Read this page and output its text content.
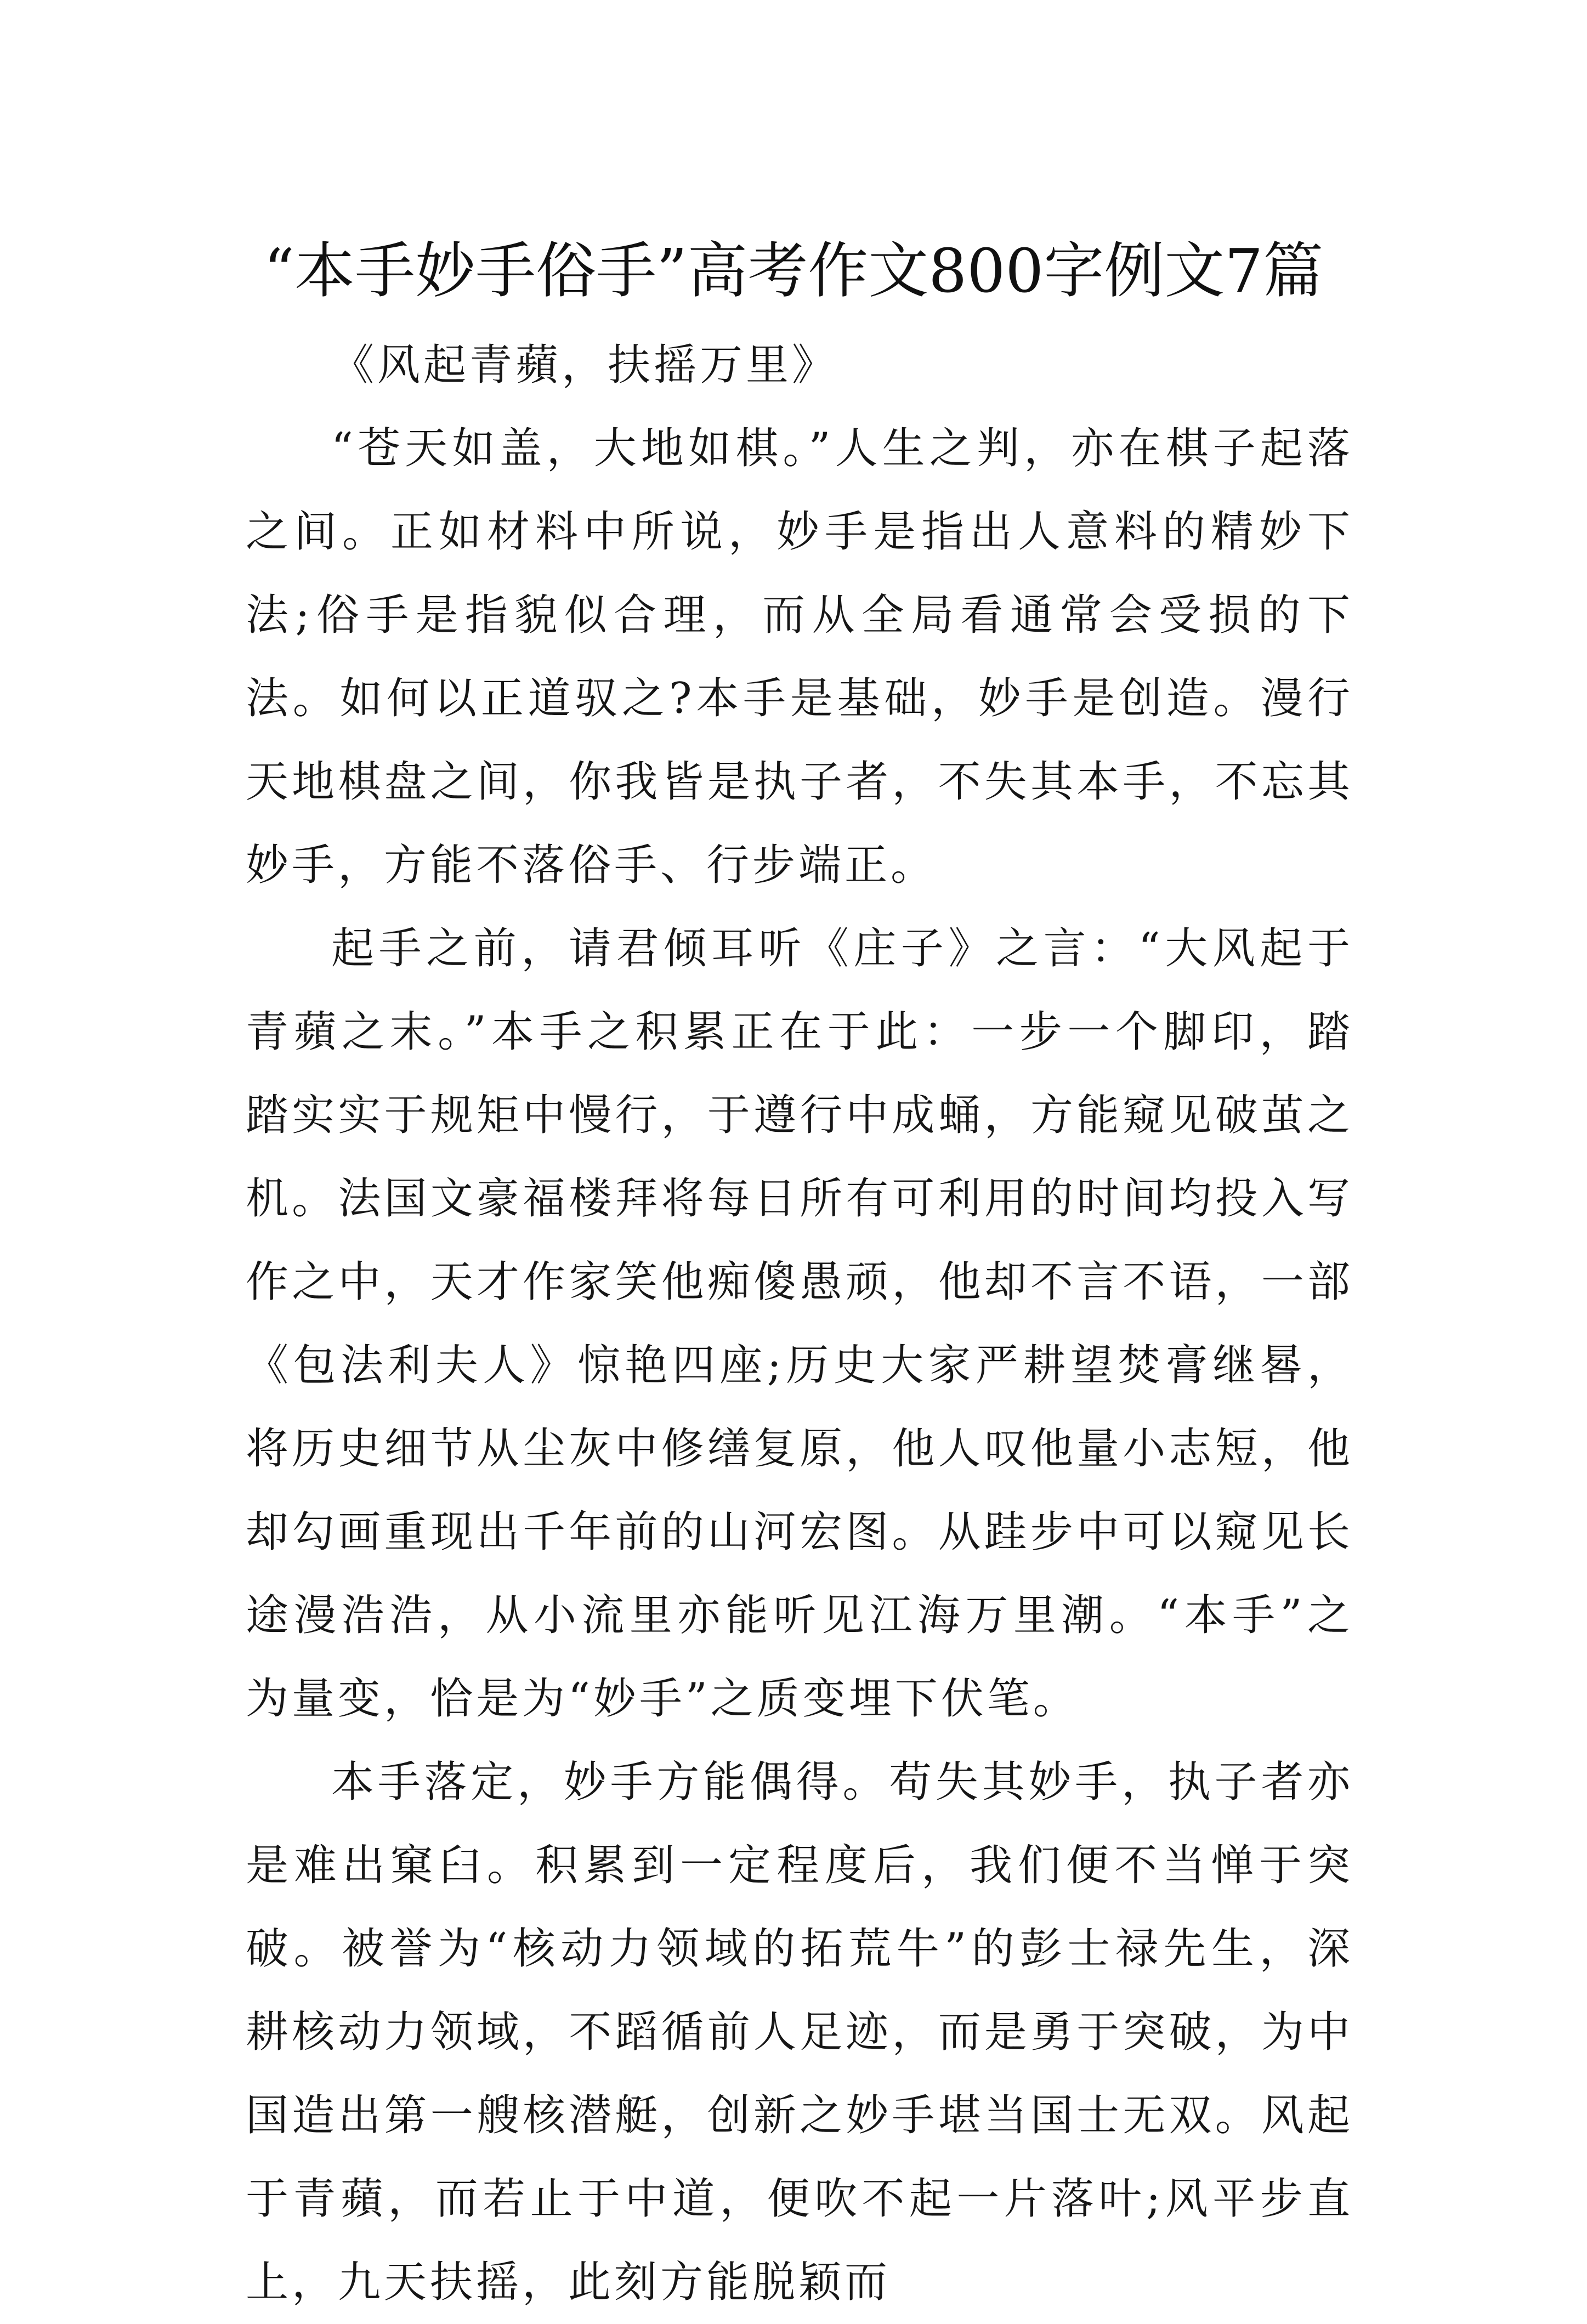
“本手妙手俗手”高考作文800字例文7篇

《风起青蘋，扶摇万里》

“苍天如盖，大地如棋。”人生之判，亦在棋子起落之间。正如材料中所说，妙手是指出人意料的精妙下法;俗手是指貌似合理，而从全局看通常会受损的下法。如何以正道驭之?本手是基础，妙手是创造。漫行天地棋盘之间，你我皆是执子者，不失其本手，不忘其妙手，方能不落俗手、行步端正。

起手之前，请君倾耳听《庄子》之言：“大风起于青蘋之末。”本手之积累正在于此：一步一个脚印，踏踏实实于规矩中慢行，于遵行中成蛹，方能窥见破茧之机。法国文豪福楼拜将每日所有可利用的时间均投入写作之中，天才作家笑他痴傻愚顽，他却不言不语，一部《包法利夫人》惊艳四座;历史大家严耕望焚膏继晷，将历史细节从尘灰中修缮复原，他人叹他量小志短，他却勾画重现出千年前的山河宏图。从跬步中可以窥见长途漫浩浩，从小流里亦能听见江海万里潮。“本手”之为量变，恰是为“妙手”之质变埋下伏笔。

本手落定，妙手方能偶得。苟失其妙手，执子者亦是难出窠臼。积累到一定程度后，我们便不当惮于突破。被誉为“核动力领域的拓荒牛”的彭士禄先生，深耕核动力领域，不蹈循前人足迹，而是勇于突破，为中国造出第一艘核潜艇，创新之妙手堪当国士无双。风起于青蘋，而若止于中道，便吹不起一片落叶;风平步直上，九天扶摇，此刻方能脱颖而
